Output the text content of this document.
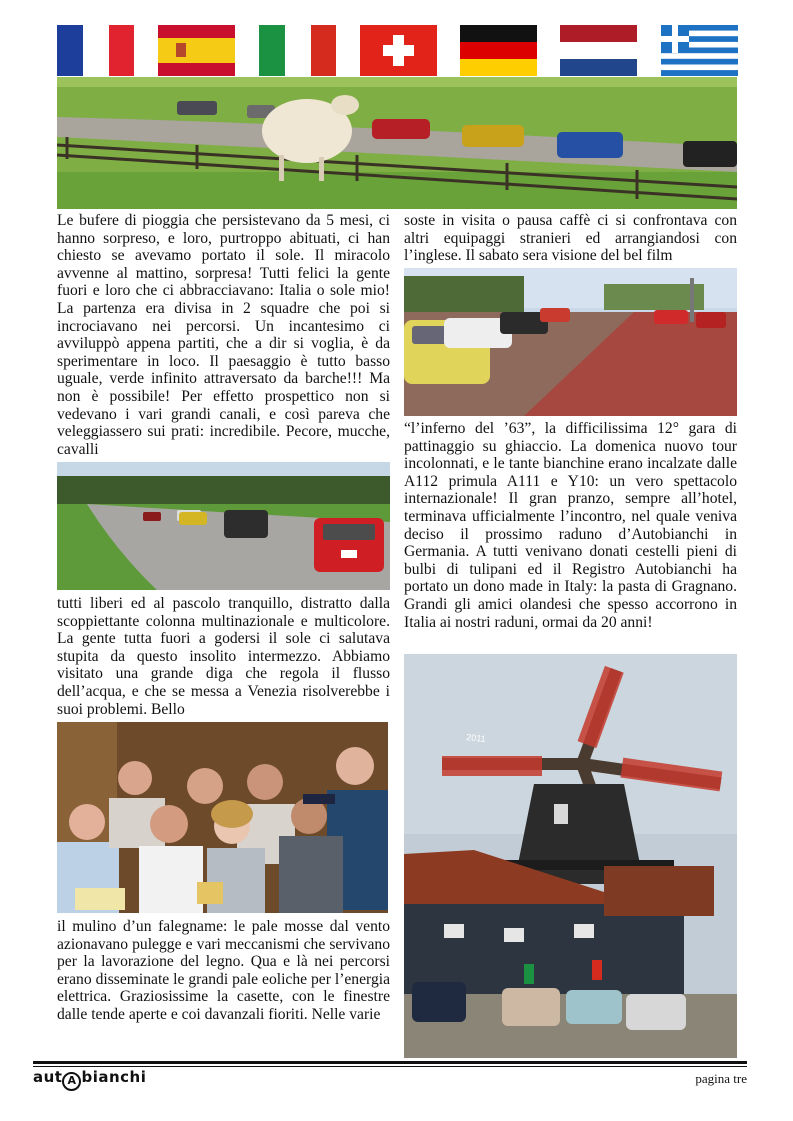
Le bufere di pioggia che persistevano da 5 mesi, ci hanno sorpreso, e loro, purtroppo abituati, ci han chiesto se avevamo portato il sole. Il miracolo avvenne al mattino, sorpresa! Tutti felici la gente fuori e loro che ci abbracciavano: Italia o sole mio! La partenza era divisa in 2 squadre che poi si incrociavano nei percorsi. Un incantesimo ci avviluppò appena partiti, che a dir si voglia, è da sperimentare in loco. Il paesaggio è tutto basso uguale, verde infinito attraversato da barche!!! Ma non è possibile! Per effetto prospettico non si vedevano i vari grandi canali, e così pareva che veleggiassero sui prati: incredibile. Pecore, mucche, cavalli

tutti liberi ed al pascolo tranquillo, distratto dalla scoppiettante colonna multinazionale e multicolore. La gente tutta fuori a godersi il sole ci salutava stupita da questo insolito intermezzo. Abbiamo visitato una grande diga che regola il flusso dell’acqua, e che se messa a Venezia risolverebbe i suoi problemi. Bello

il mulino d’un falegname: le pale mosse dal vento azionavano pulegge e vari meccanismi che servivano per la lavorazione del legno. Qua e là nei percorsi erano disseminate le grandi pale eoliche per l’energia elettrica. Graziosissime la casette, con le finestre dalle tende aperte e coi davanzali fioriti. Nelle varie

soste in visita o pausa caffè ci si confrontava con altri equipaggi stranieri ed arrangiandosi con l’inglese. Il sabato sera visione del bel film

“l’inferno del ’63”, la difficilissima 12° gara di pattinaggio su ghiaccio. La domenica nuovo tour incolonnati, e le tante bianchine erano incalzate dalle A112 primula A111 e Y10: un vero spettacolo internazionale! Il gran pranzo, sempre all’hotel, terminava ufficialmente l’incontro, nel quale veniva deciso il prossimo raduno d’Autobianchi in Germania. A tutti venivano donati cestelli pieni di bulbi di tulipani ed il Registro Autobianchi ha portato un dono made in Italy: la pasta di Gragnano. Grandi gli amici olandesi che spesso accorrono in Italia ai nostri raduni, ormai da 20 anni!

2011
aut A bianchi	pagina tre
